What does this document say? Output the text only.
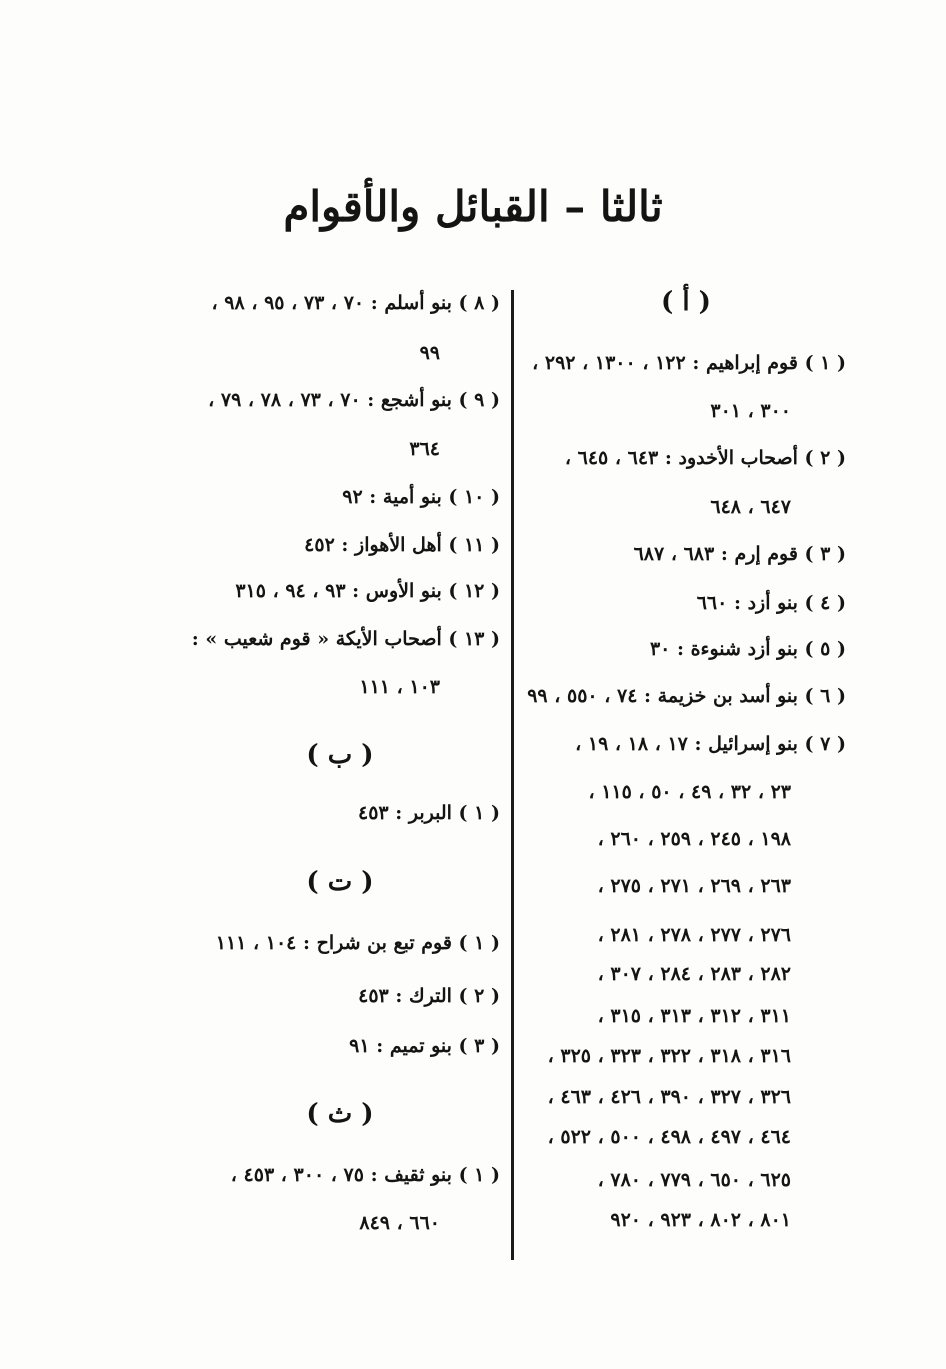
ثالثا – القبائل والأقوام
( أ )
( ١ ) قوم إبراهيم : ١٢٢ ، ١٣٠٠ ، ٢٩٢ ،
٣٠٠ ، ٣٠١
( ٢ ) أصحاب الأخدود : ٦٤٣ ، ٦٤٥ ،
٦٤٧ ، ٦٤٨
( ٣ ) قوم إرم : ٦٨٣ ، ٦٨٧
( ٤ ) بنو أزد : ٦٦٠
( ٥ ) بنو أزد شنوءة : ٣٠
( ٦ ) بنو أسد بن خزيمة : ٧٤ ، ٥٥٠ ، ٩٩
( ٧ ) بنو إسرائيل : ١٧ ، ١٨ ، ١٩ ،
٢٣ ، ٣٢ ، ٤٩ ، ٥٠ ، ١١٥ ،
١٩٨ ، ٢٤٥ ، ٢٥٩ ، ٢٦٠ ،
٢٦٣ ، ٢٦٩ ، ٢٧١ ، ٢٧٥ ،
٢٧٦ ، ٢٧٧ ، ٢٧٨ ، ٢٨١ ،
٢٨٢ ، ٢٨٣ ، ٢٨٤ ، ٣٠٧ ،
٣١١ ، ٣١٢ ، ٣١٣ ، ٣١٥ ،
٣١٦ ، ٣١٨ ، ٣٢٢ ، ٣٢٣ ، ٣٢٥ ،
٣٢٦ ، ٣٢٧ ، ٣٩٠ ، ٤٢٦ ، ٤٦٣ ،
٤٦٤ ، ٤٩٧ ، ٤٩٨ ، ٥٠٠ ، ٥٢٢ ،
٦٢٥ ، ٦٥٠ ، ٧٧٩ ، ٧٨٠ ،
٨٠١ ، ٨٠٢ ، ٩٢٣ ، ٩٢٠
( ٨ ) بنو أسلم : ٧٠ ، ٧٣ ، ٩٥ ، ٩٨ ،
٩٩
( ٩ ) بنو أشجع : ٧٠ ، ٧٣ ، ٧٨ ، ٧٩ ،
٣٦٤
( ١٠ ) بنو أمية : ٩٢
( ١١ ) أهل الأهواز : ٤٥٢
( ١٢ ) بنو الأوس : ٩٣ ، ٩٤ ، ٣١٥
( ١٣ ) أصحاب الأيكة « قوم شعيب » :
١٠٣ ، ١١١
( ب )
( ١ ) البربر : ٤٥٣
( ت )
( ١ ) قوم تبع بن شراح : ١٠٤ ، ١١١
( ٢ ) الترك : ٤٥٣
( ٣ ) بنو تميم : ٩١
( ث )
( ١ ) بنو ثقيف : ٧٥ ، ٣٠٠ ، ٤٥٣ ،
٦٦٠ ، ٨٤٩
